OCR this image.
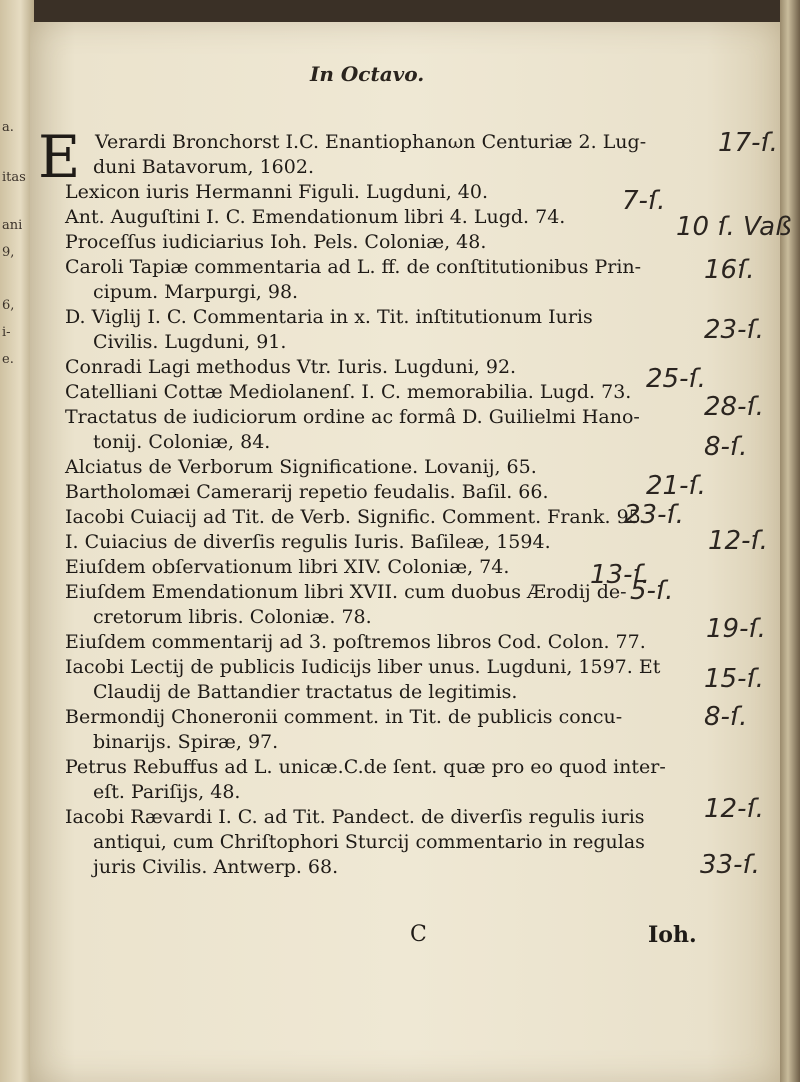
a.
itas
ani
9,
6,
i-
e.
In Octavo.
E Verardi Bronchorst I.C. Enantiophanωn Centuriæ 2. Lug-
duni Batavorum, 1602.
Lexicon iuris Hermanni Figuli. Lugduni, 40.
Ant. Auguſtini I. C. Emendationum libri 4. Lugd. 74.
Proceſſus iudiciarius Ioh. Pels. Coloniæ, 48.
Caroli Tapiæ commentaria ad L. ff. de conſtitutionibus Prin-
cipum. Marpurgi, 98.
D. Viglij I. C. Commentaria in x. Tit. inſtitutionum Iuris
Civilis. Lugduni, 91.
Conradi Lagi methodus Vtr. Iuris. Lugduni, 92.
Catelliani Cottæ Mediolanenſ. I. C. memorabilia. Lugd. 73.
Tractatus de iudiciorum ordine ac formâ D. Guilielmi Hano-
tonij. Coloniæ, 84.
Alciatus de Verborum Significatione. Lovanij, 65.
Bartholomæi Camerarij repetio feudalis. Baſil. 66.
Iacobi Cuiacij ad Tit. de Verb. Signific. Comment. Frank. 95.
I. Cuiacius de diverſis regulis Iuris. Baſileæ, 1594.
Eiuſdem obſervationum libri XIV. Coloniæ, 74.
Eiuſdem Emendationum libri XVII. cum duobus Ærodij de-
cretorum libris. Coloniæ. 78.
Eiuſdem commentarij ad 3. poſtremos libros Cod. Colon. 77.
Iacobi Lectij de publicis Iudicijs liber unus. Lugduni, 1597. Et
Claudij de Battandier tractatus de legitimis.
Bermondij Choneronii comment. in Tit. de publicis concu-
binarijs. Spiræ, 97.
Petrus Rebuffus ad L. unicæ.C.de ſent. quæ pro eo quod inter-
eſt. Pariſijs, 48.
Iacobi Rævardi I. C. ad Tit. Pandect. de diverſis regulis iuris
antiqui, cum Chriſtophori Sturcij commentario in regulas
juris Civilis. Antwerp. 68.
17-ſ.
7-ſ.
10 ſ. Vaß
16ſ.
23-ſ.
25-ſ.
28-ſ.
8-ſ.
21-ſ.
23-ſ.
12-ſ.
13-ſ.
5-ſ.
19-ſ.
15-ſ.
8-ſ.
12-ſ.
33-ſ.
C	Ioh.
